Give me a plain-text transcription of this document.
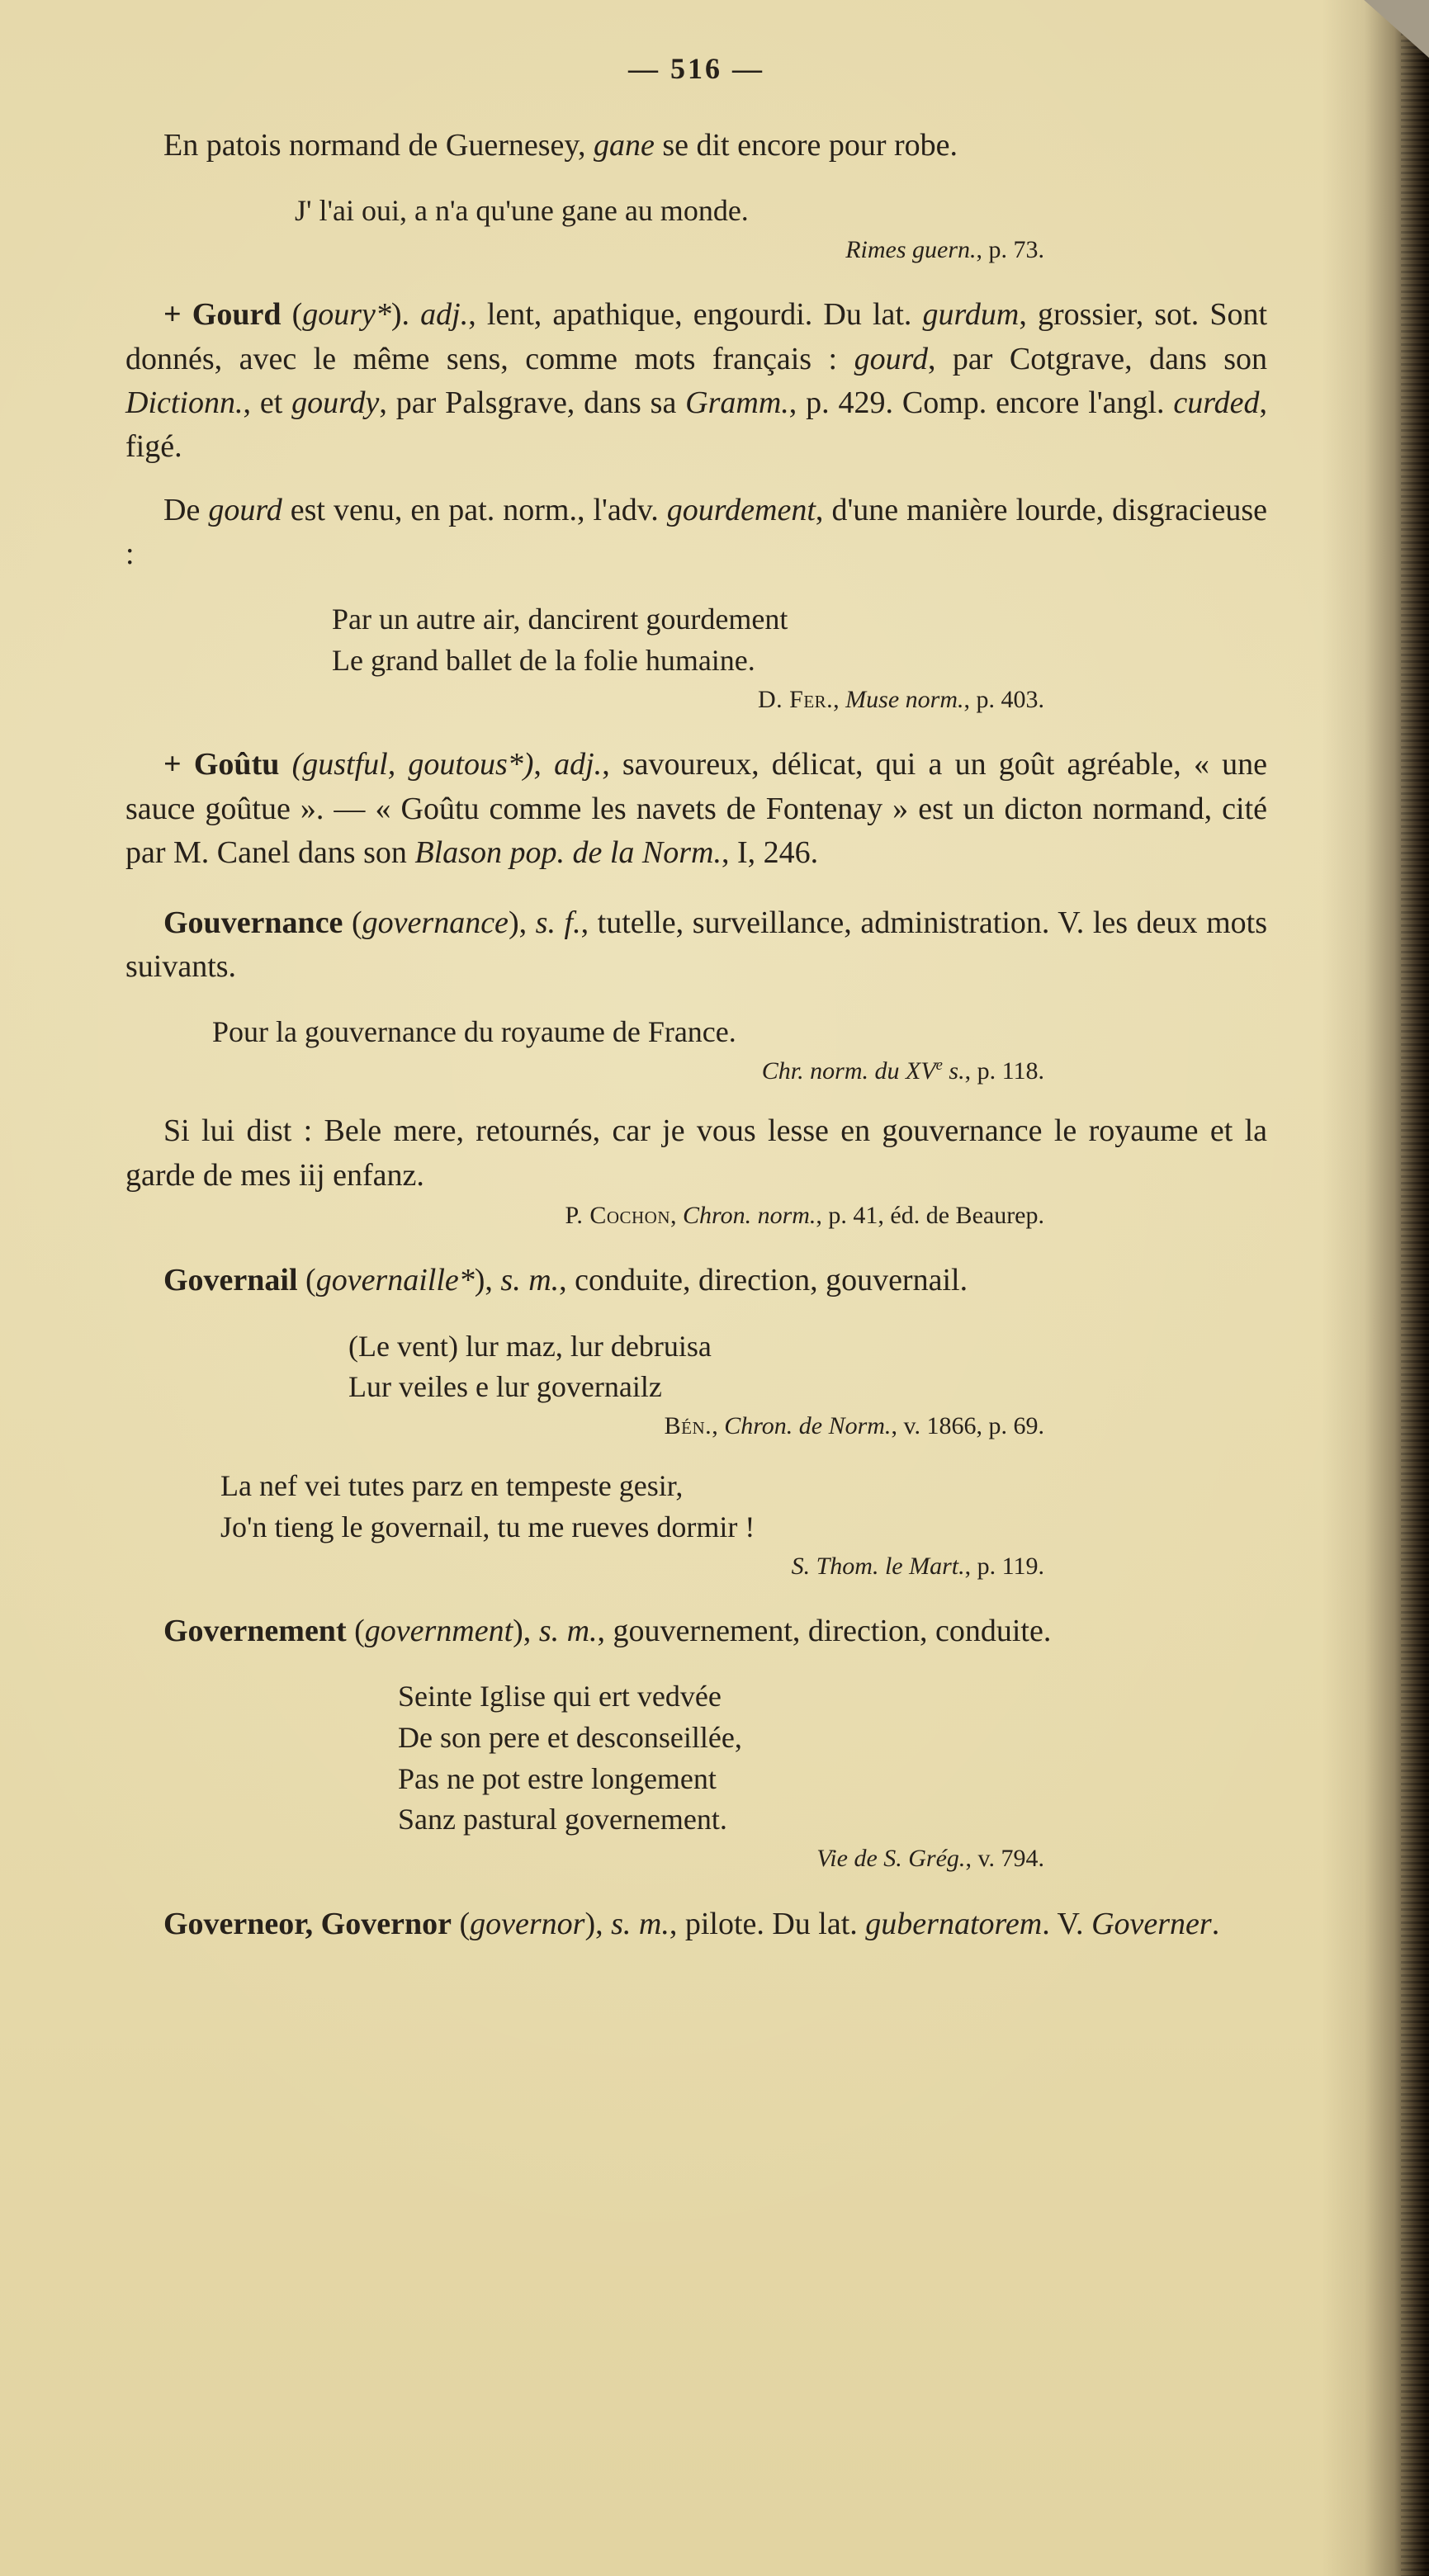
— 516 —

En patois normand de Guernesey, gane se dit encore pour robe.

J' l'ai oui, a n'a qu'une gane au monde.
Rimes guern., p. 73.

+ Gourd (goury*). adj., lent, apathique, engourdi. Du lat. gurdum, grossier, sot. Sont donnés, avec le même sens, comme mots français : gourd, par Cotgrave, dans son Dictionn., et gourdy, par Palsgrave, dans sa Gramm., p. 429. Comp. encore l'angl. curded, figé.

De gourd est venu, en pat. norm., l'adv. gourdement, d'une manière lourde, disgracieuse :

Par un autre air, dancirent gourdement
Le grand ballet de la folie humaine.
D. Fer., Muse norm., p. 403.

+ Goûtu (gustful, goutous*), adj., savoureux, délicat, qui a un goût agréable, « une sauce goûtue ». — « Goûtu comme les navets de Fontenay » est un dicton normand, cité par M. Canel dans son Blason pop. de la Norm., I, 246.

Gouvernance (governance), s. f., tutelle, surveillance, administration. V. les deux mots suivants.

Pour la gouvernance du royaume de France.
Chr. norm. du XVe s., p. 118.

Si lui dist : Bele mere, retournés, car je vous lesse en gouvernance le royaume et la garde de mes iij enfanz.

P. Cochon, Chron. norm., p. 41, éd. de Beaurep.

Governail (governaille*), s. m., conduite, direction, gouvernail.

(Le vent) lur maz, lur debruisa
Lur veiles e lur governailz
Bén., Chron. de Norm., v. 1866, p. 69.
La nef vei tutes parz en tempeste gesir,
Jo'n tieng le governail, tu me rueves dormir !
S. Thom. le Mart., p. 119.

Governement (government), s. m., gouvernement, direction, conduite.

Seinte Iglise qui ert vedvée
De son pere et desconseillée,
Pas ne pot estre longement
Sanz pastural governement.
Vie de S. Grég., v. 794.

Governeor, Governor (governor), s. m., pilote. Du lat. gubernatorem. V. Governer.
